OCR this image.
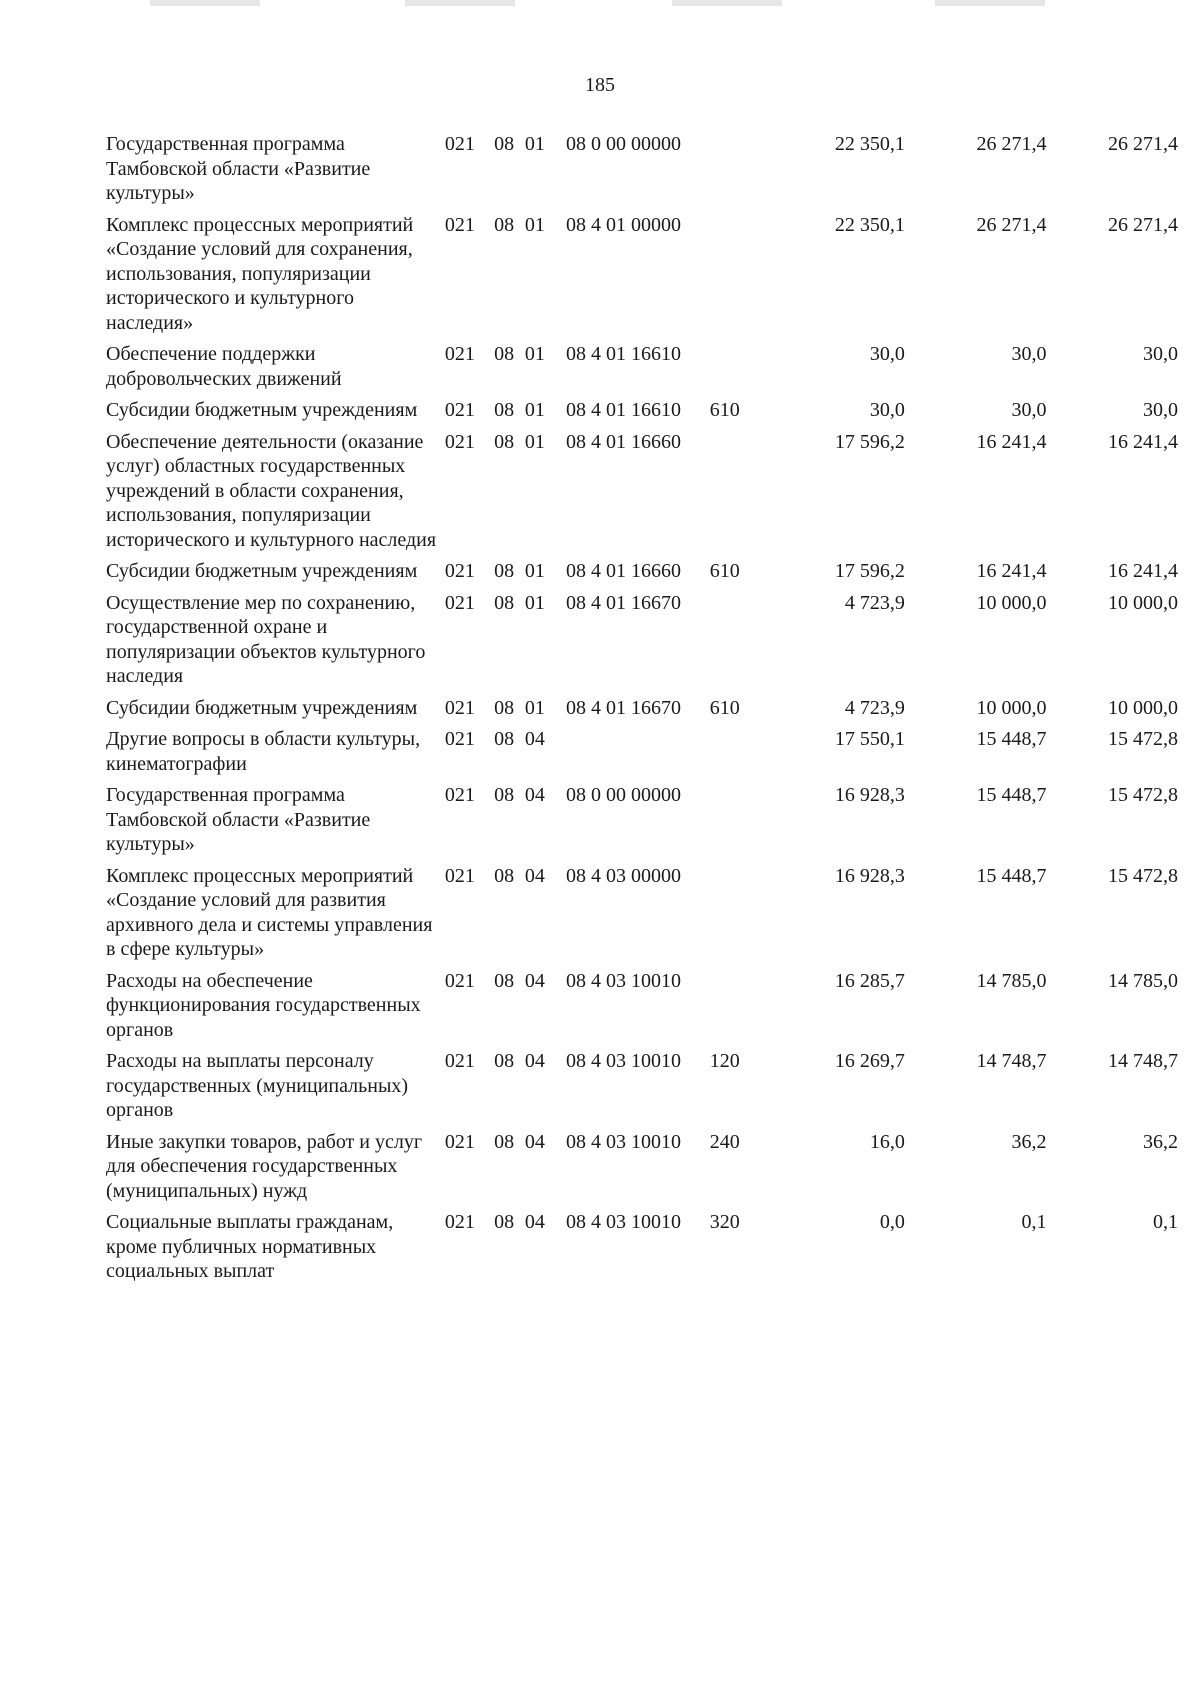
185
Государственная программа Тамбовской области «Развитие культуры»	021	08	01	08 0 00 00000		22 350,1	26 271,4	26 271,4
Комплекс процессных мероприятий «Создание условий для сохранения, использования, популяризации исторического и культурного наследия»	021	08	01	08 4 01 00000		22 350,1	26 271,4	26 271,4
Обеспечение поддержки добровольческих движений	021	08	01	08 4 01 16610		30,0	30,0	30,0
Субсидии бюджетным учреждениям	021	08	01	08 4 01 16610	610	30,0	30,0	30,0
Обеспечение деятельности (оказание услуг) областных государственных учреждений в области сохранения, использования, популяризации исторического и культурного наследия	021	08	01	08 4 01 16660		17 596,2	16 241,4	16 241,4
Субсидии бюджетным учреждениям	021	08	01	08 4 01 16660	610	17 596,2	16 241,4	16 241,4
Осуществление мер по сохранению, государственной охране и популяризации объектов культурного наследия	021	08	01	08 4 01 16670		4 723,9	10 000,0	10 000,0
Субсидии бюджетным учреждениям	021	08	01	08 4 01 16670	610	4 723,9	10 000,0	10 000,0
Другие вопросы в области культуры, кинематографии	021	08	04			17 550,1	15 448,7	15 472,8
Государственная программа Тамбовской области «Развитие культуры»	021	08	04	08 0 00 00000		16 928,3	15 448,7	15 472,8
Комплекс процессных мероприятий «Создание условий для развития архивного дела и системы управления в сфере культуры»	021	08	04	08 4 03 00000		16 928,3	15 448,7	15 472,8
Расходы на обеспечение функционирования государственных органов	021	08	04	08 4 03 10010		16 285,7	14 785,0	14 785,0
Расходы на выплаты персоналу государственных (муниципальных) органов	021	08	04	08 4 03 10010	120	16 269,7	14 748,7	14 748,7
Иные закупки товаров, работ и услуг для обеспечения государственных (муниципальных) нужд	021	08	04	08 4 03 10010	240	16,0	36,2	36,2
Социальные выплаты гражданам, кроме публичных нормативных социальных выплат	021	08	04	08 4 03 10010	320	0,0	0,1	0,1
